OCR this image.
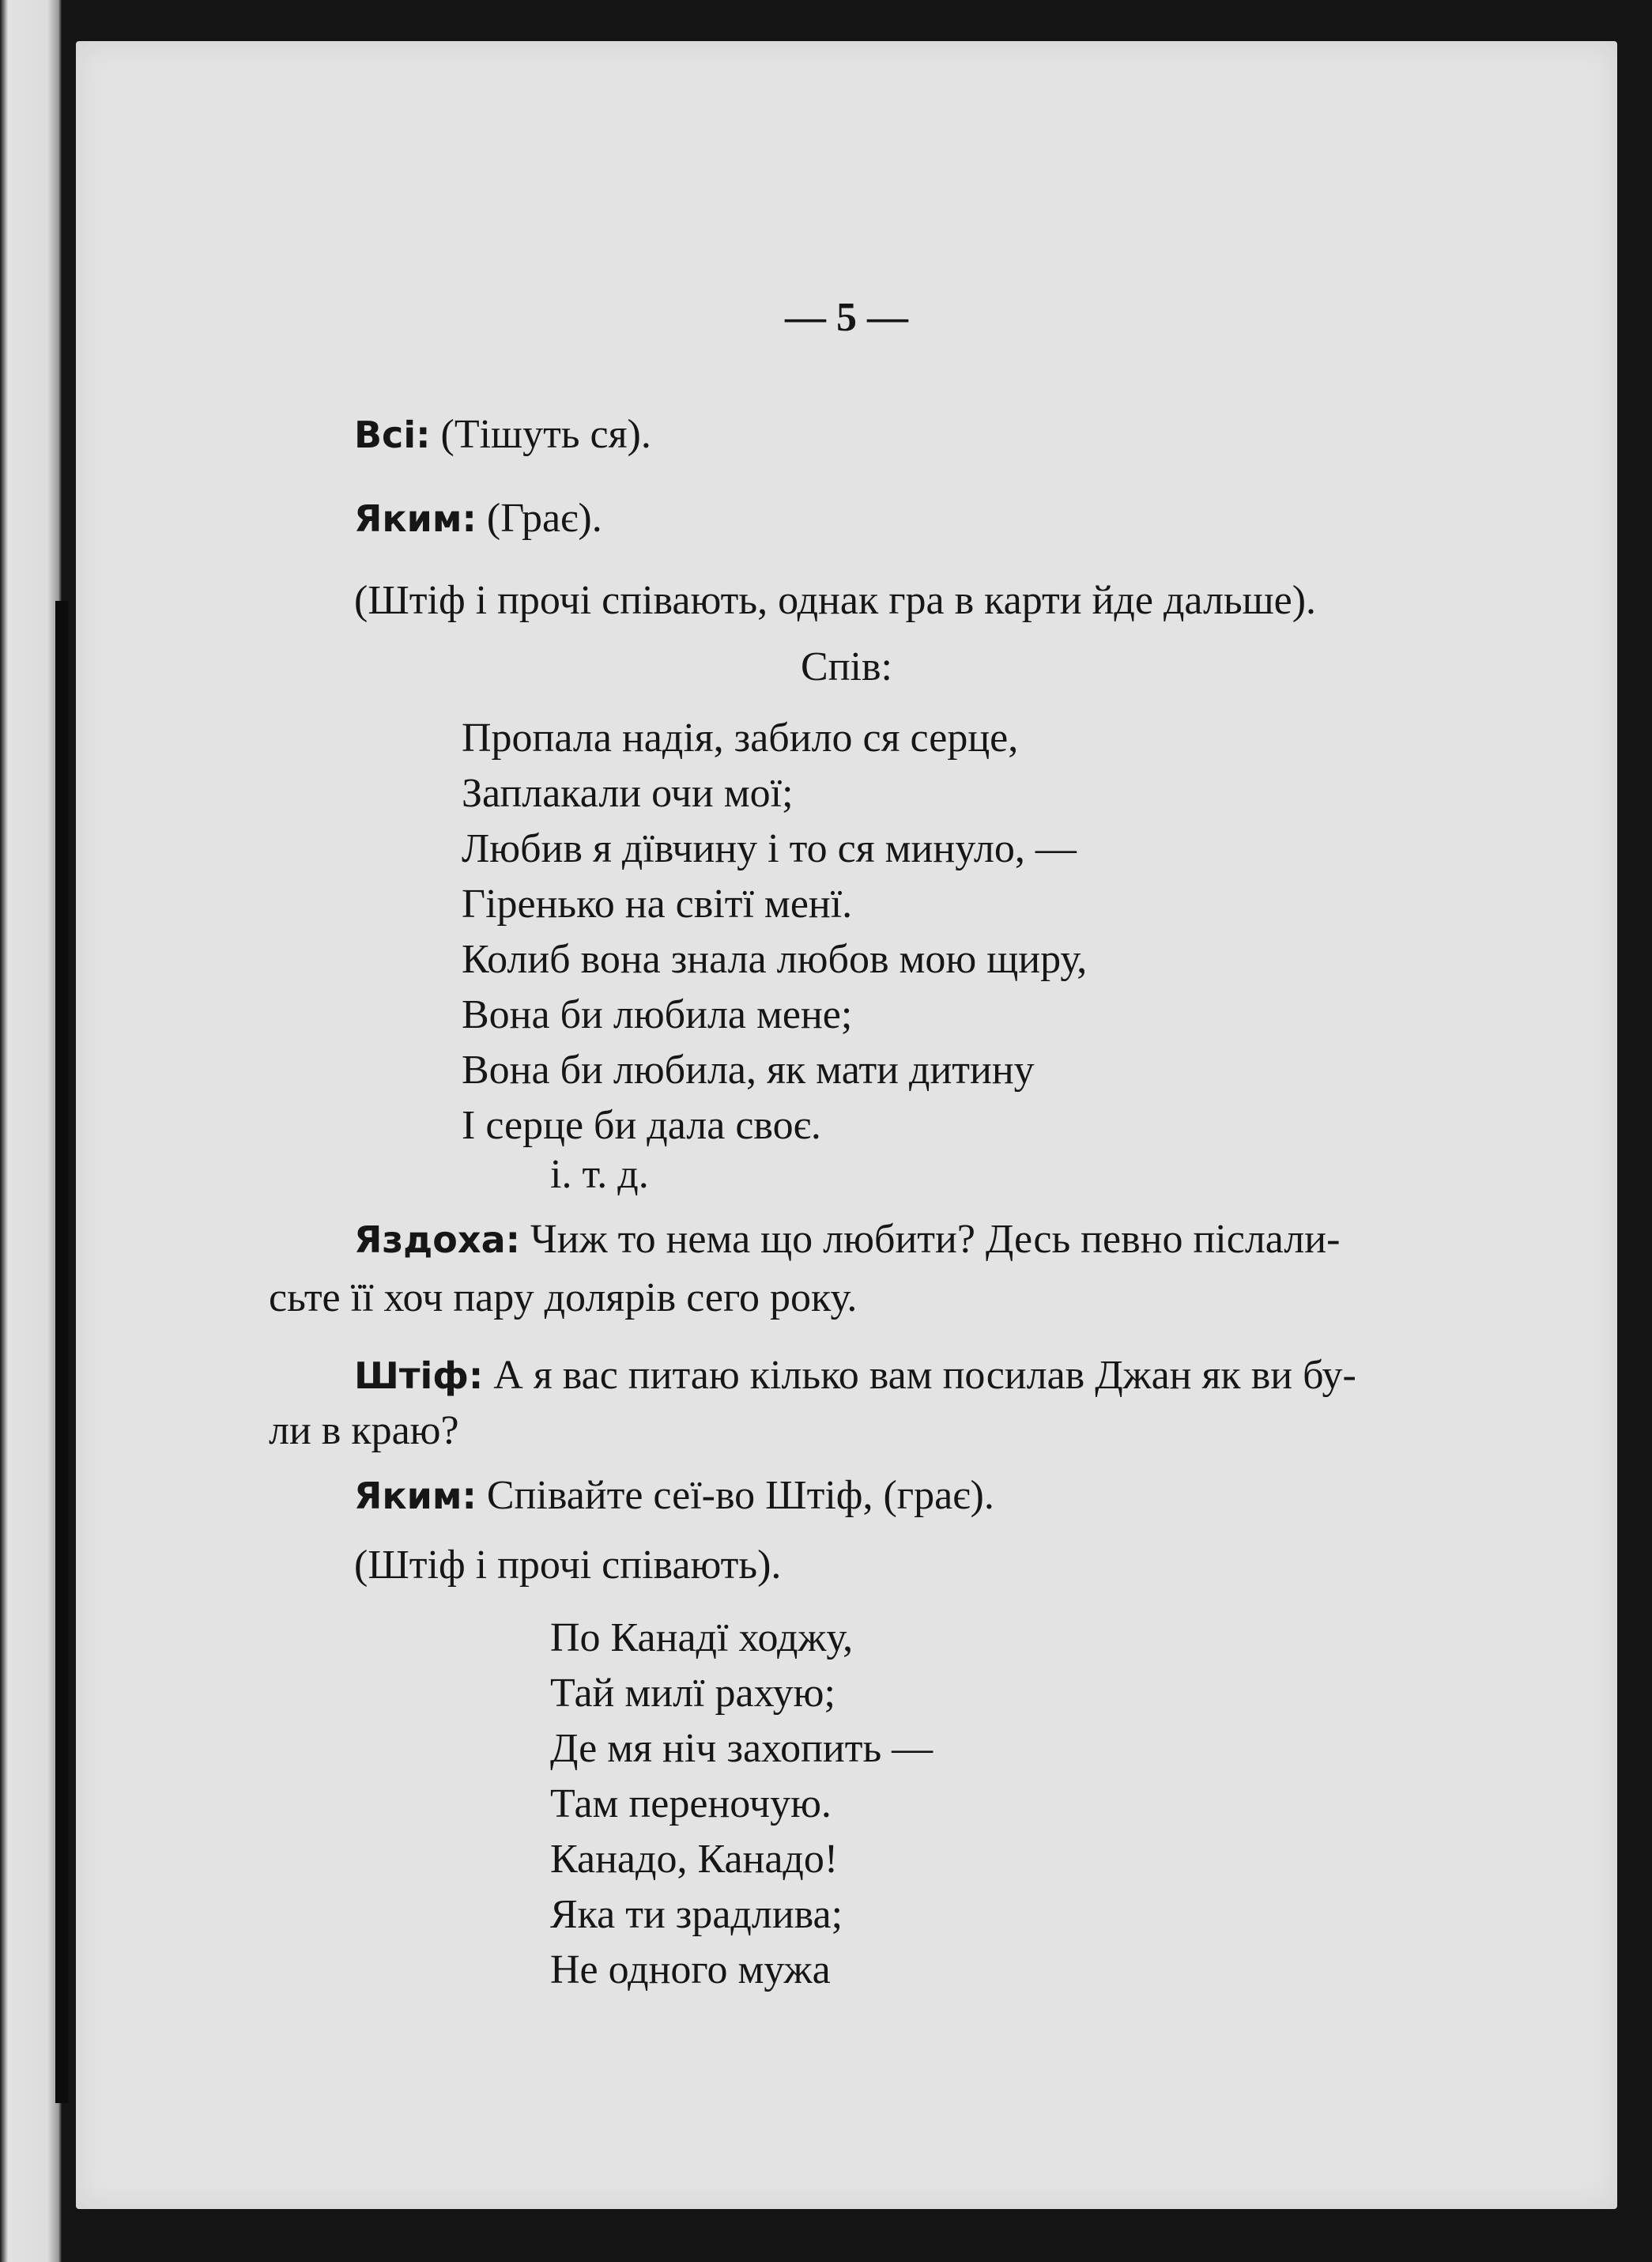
— 5 —
Всі: (Тішуть ся).
Яким: (Грає).
(Штіф і прочі співають, однак гра в карти йде дальше).
Спів:
Пропала надія, забило ся серце,
Заплакали очи мої;
Любив я дївчину і то ся минуло, —
Гіренько на світї менї.
Колиб вона знала любов мою щиру,
Вона би любила мене;
Вона би любила, як мати дитину
І серце би дала своє.
і. т. д.
Яздоха: Чиж то нема що любити? Десь певно післали-
сьте її хоч пару долярів сего року.
Штіф: А я вас питаю кілько вам посилав Джан як ви бу-
ли в краю?
Яким: Співайте сеї-во Штіф, (грає).
(Штіф і прочі співають).
По Канадї ходжу,
Тай милї рахую;
Де мя ніч захопить —
Там переночую.
Канадо, Канадо!
Яка ти зрадлива;
Не одного мужа
